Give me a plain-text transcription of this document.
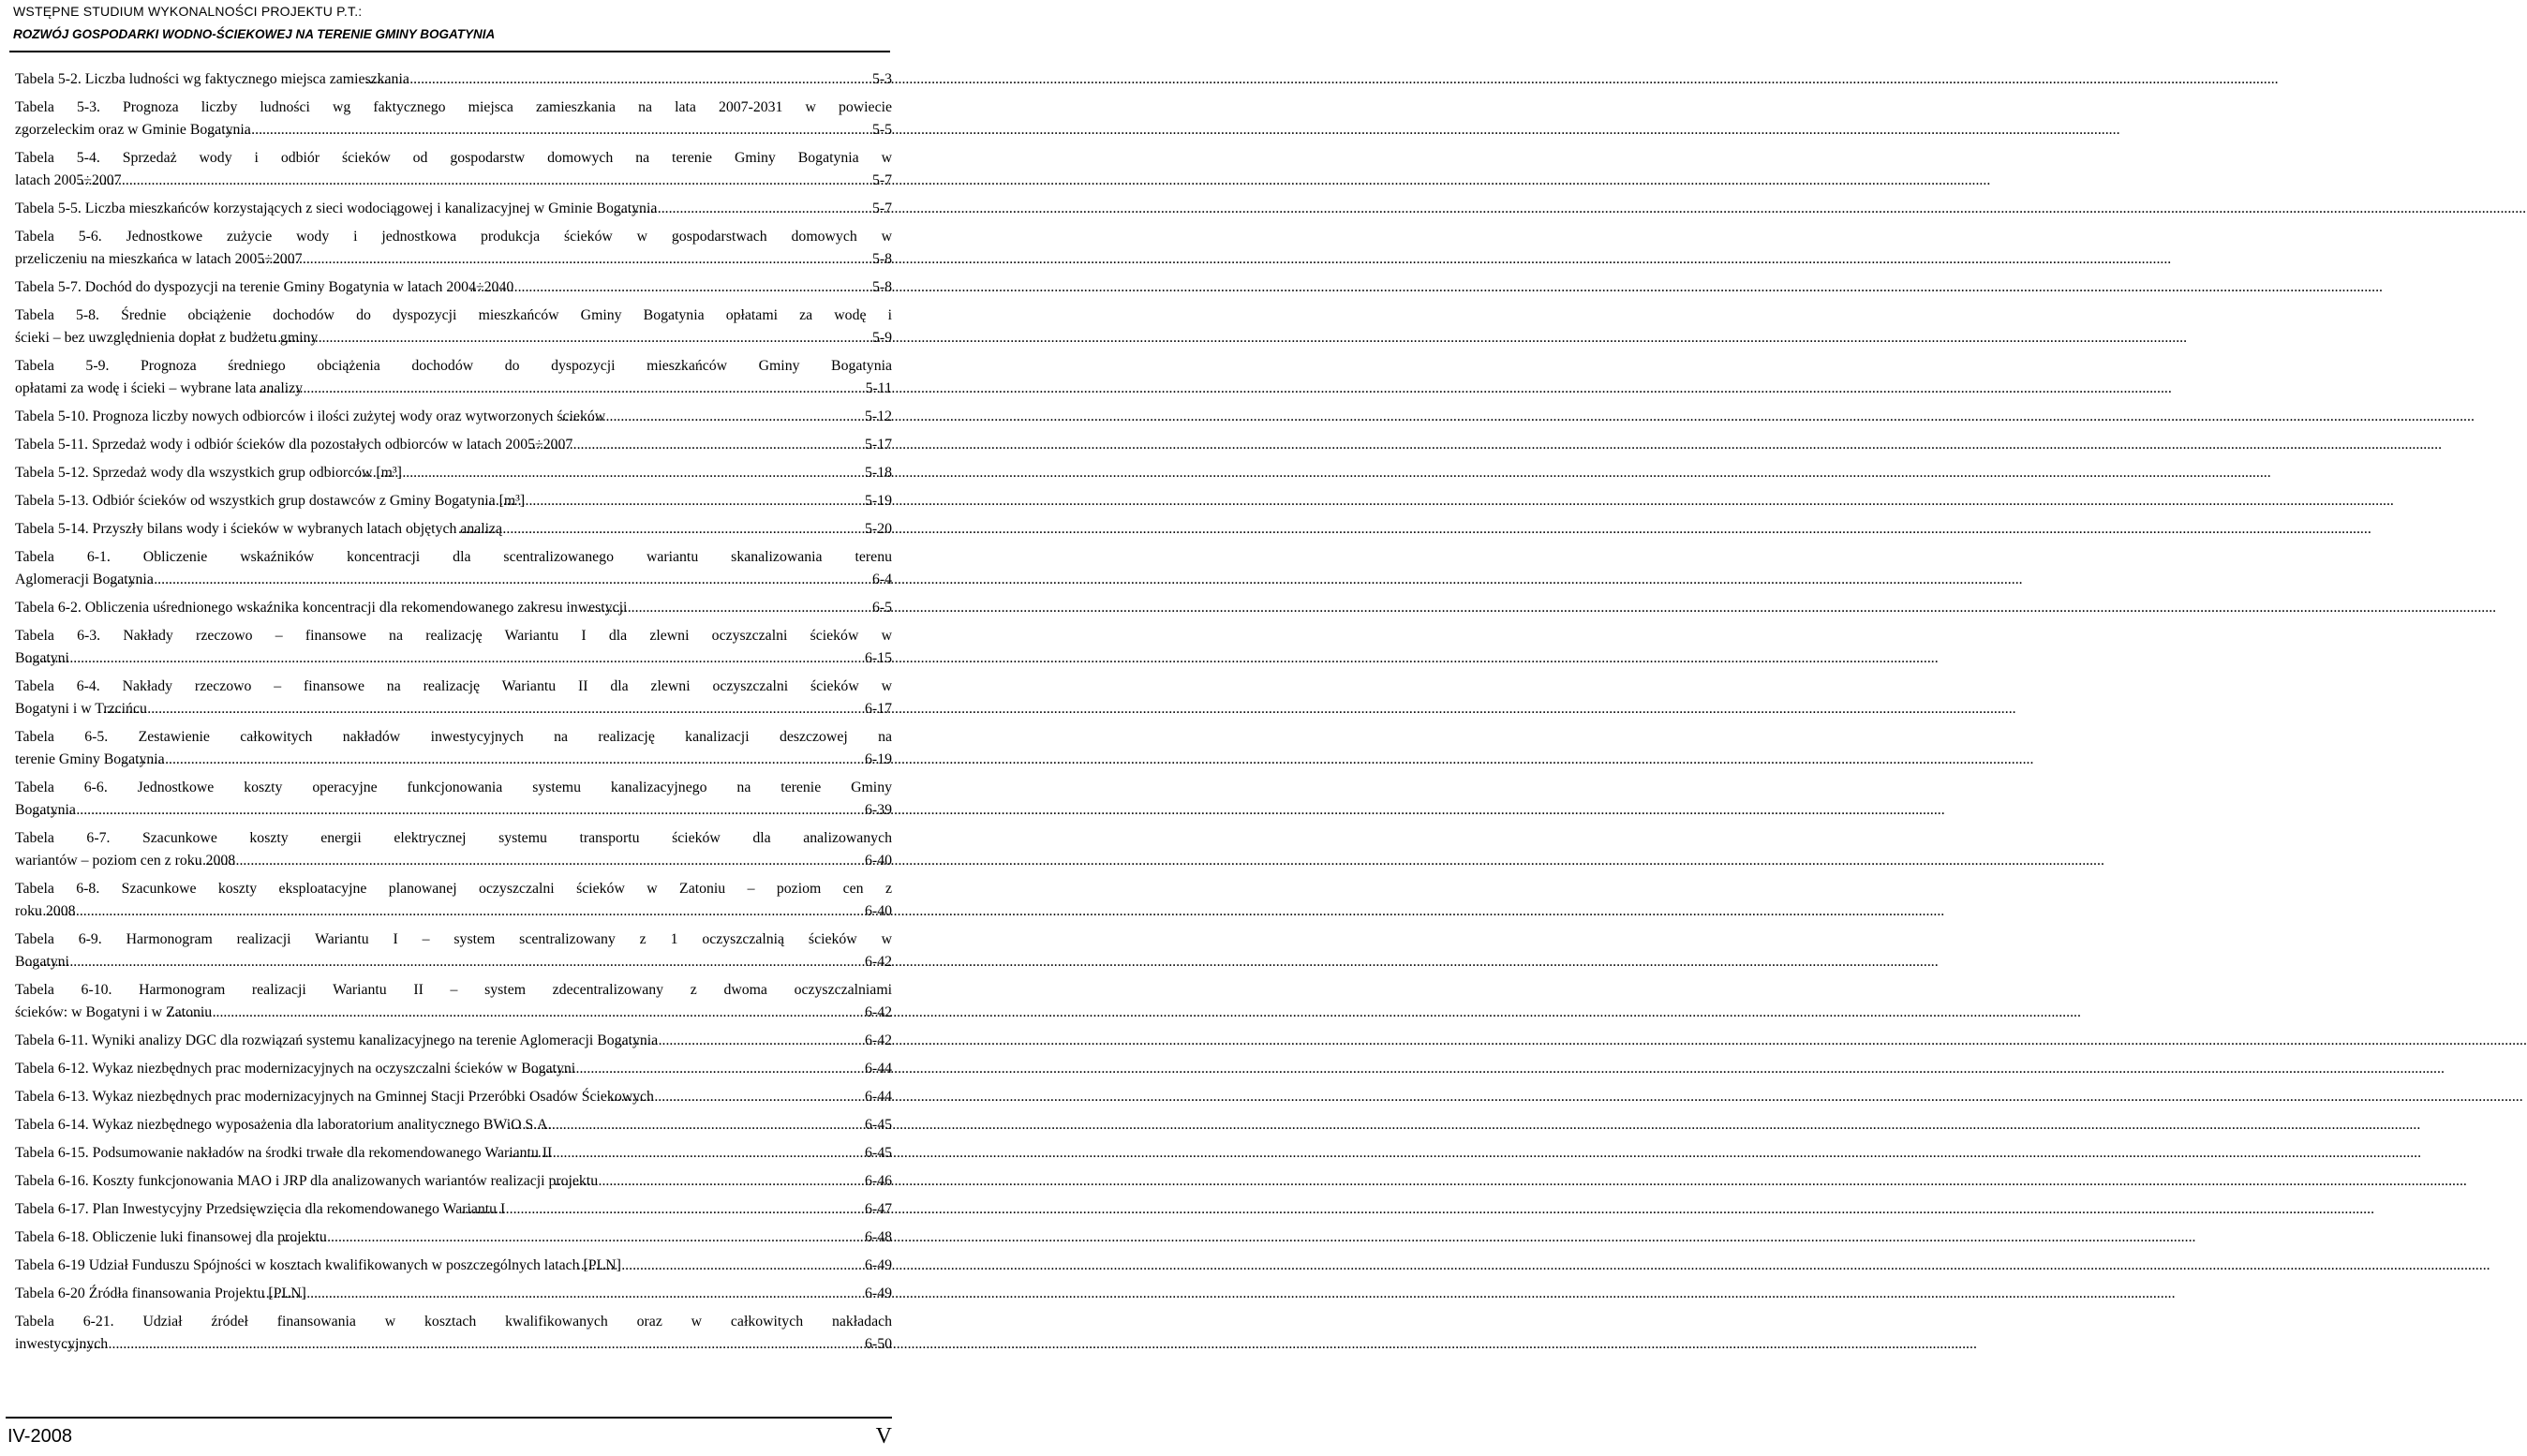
WSTĘPNE STUDIUM WYKONALNOŚCI PROJEKTU P.T.:
ROZWÓJ GOSPODARKI WODNO-ŚCIEKOWEJ NA TERENIE GMINY BOGATYNIA
Tabela 5-2. Liczba ludności wg faktycznego miejsca zamieszkania .....	5-3
Tabela 5-3. Prognoza liczby ludności wg faktycznego miejsca zamieszkania na lata 2007-2031 w powiecie
zgorzeleckim oraz w Gminie Bogatynia .....	5-5
Tabela 5-4. Sprzedaż wody i odbiór ścieków od gospodarstw domowych na terenie Gminy Bogatynia w
latach 2005÷2007 .....	5-7
Tabela 5-5. Liczba mieszkańców korzystających z sieci wodociągowej i kanalizacyjnej w Gminie Bogatynia .....	5-7
Tabela 5-6. Jednostkowe zużycie wody i jednostkowa produkcja ścieków w gospodarstwach domowych w
przeliczeniu na mieszkańca w latach 2005÷2007 .....	5-8
Tabela 5-7. Dochód do dyspozycji na terenie Gminy Bogatynia w latach 2004÷2040 .....	5-8
Tabela 5-8. Średnie obciążenie dochodów do dyspozycji mieszkańców Gminy Bogatynia opłatami za wodę i
ścieki – bez uwzględnienia dopłat z budżetu gminy .....	5-9
Tabela 5-9. Prognoza średniego obciążenia dochodów do dyspozycji mieszkańców Gminy Bogatynia
opłatami za wodę i ścieki – wybrane lata analizy .....	5-11
Tabela 5-10. Prognoza liczby nowych odbiorców i ilości zużytej wody oraz wytworzonych ścieków .....	5-12
Tabela 5-11. Sprzedaż wody i odbiór ścieków dla pozostałych odbiorców w latach 2005÷2007 .....	5-17
Tabela 5-12. Sprzedaż wody dla wszystkich grup odbiorców [m³] .....	5-18
Tabela 5-13. Odbiór ścieków od wszystkich grup dostawców z Gminy Bogatynia [m³] .....	5-19
Tabela 5-14. Przyszły bilans wody i ścieków w wybranych latach objętych analizą .....	5-20
Tabela 6-1. Obliczenie wskaźników koncentracji dla scentralizowanego wariantu skanalizowania terenu
Aglomeracji Bogatynia .....	6-4
Tabela 6-2. Obliczenia uśrednionego wskaźnika koncentracji dla rekomendowanego zakresu inwestycji .....	6-5
Tabela 6-3. Nakłady rzeczowo – finansowe na realizację Wariantu I dla zlewni oczyszczalni ścieków w
Bogatyni .....	6-15
Tabela 6-4. Nakłady rzeczowo – finansowe na realizację Wariantu II dla zlewni oczyszczalni ścieków w
Bogatyni i w Trzcińcu .....	6-17
Tabela 6-5. Zestawienie całkowitych nakładów inwestycyjnych na realizację kanalizacji deszczowej na
terenie Gminy Bogatynia .....	6-19
Tabela 6-6. Jednostkowe koszty operacyjne funkcjonowania systemu kanalizacyjnego na terenie Gminy
Bogatynia .....	6-39
Tabela 6-7. Szacunkowe koszty energii elektrycznej systemu transportu ścieków dla analizowanych
wariantów – poziom cen z roku 2008 .....	6-40
Tabela 6-8. Szacunkowe koszty eksploatacyjne planowanej oczyszczalni ścieków w Zatoniu – poziom cen z
roku 2008 .....	6-40
Tabela 6-9. Harmonogram realizacji Wariantu I – system scentralizowany z 1 oczyszczalnią ścieków w
Bogatyni .....	6-42
Tabela 6-10. Harmonogram realizacji Wariantu II – system zdecentralizowany z dwoma oczyszczalniami
ścieków: w Bogatyni i w Zatoniu .....	6-42
Tabela 6-11. Wyniki analizy DGC dla rozwiązań systemu kanalizacyjnego na terenie Aglomeracji Bogatynia .....	6-42
Tabela 6-12. Wykaz niezbędnych prac modernizacyjnych na oczyszczalni ścieków w Bogatyni .....	6-44
Tabela 6-13. Wykaz niezbędnych prac modernizacyjnych na Gminnej Stacji Przeróbki Osadów Ściekowych .....	6-44
Tabela 6-14. Wykaz niezbędnego wyposażenia dla laboratorium analitycznego BWiO S.A. .....	6-45
Tabela 6-15. Podsumowanie nakładów na środki trwałe dla rekomendowanego Wariantu II .....	6-45
Tabela 6-16. Koszty funkcjonowania MAO i JRP dla analizowanych wariantów realizacji projektu .....	6-46
Tabela 6-17. Plan Inwestycyjny Przedsięwzięcia dla rekomendowanego Wariantu I .....	6-47
Tabela 6-18. Obliczenie luki finansowej dla projektu .....	6-48
Tabela 6-19 Udział Funduszu Spójności w kosztach kwalifikowanych w poszczególnych latach [PLN] .....	6-49
Tabela 6-20 Źródła finansowania Projektu [PLN] .....	6-49
Tabela 6-21. Udział źródeł finansowania w kosztach kwalifikowanych oraz w całkowitych nakładach
inwestycyjnych .....	6-50
IV-2008	V
